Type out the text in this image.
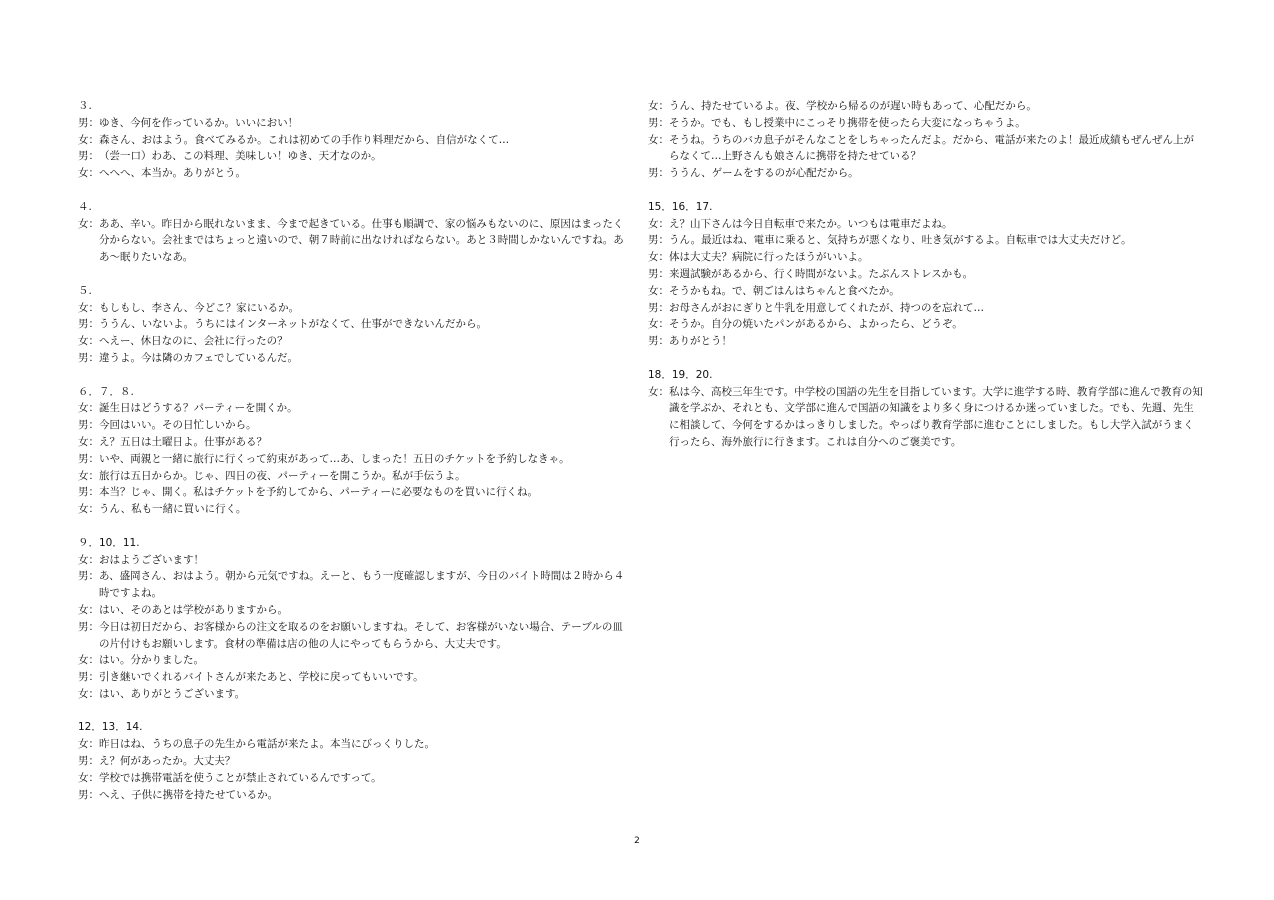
３.
男： ゆき、今何を作っているか。いいにおい！
女： 森さん、おはよう。食べてみるか。これは初めての手作り料理だから、自信がなくて…
男： （尝一口）わあ、この料理、美味しい！ゆき、天才なのか。
女： へへへ、本当か。ありがとう。
４.
女： ああ、辛い。昨日から眠れないまま、今まで起きている。仕事も順調で、家の悩みもないのに、原因はまったく分からない。会社まではちょっと遠いので、朝７時前に出なければならない。あと３時間しかないんですね。ああ～眠りたいなあ。
５.
女： もしもし、李さん、今どこ？家にいるか。
男： ううん、いないよ。うちにはインターネットがなくて、仕事ができないんだから。
女： へえー、休日なのに、会社に行ったの？
男： 違うよ。今は隣のカフェでしているんだ。
６．７．８.
女： 誕生日はどうする？パーティーを開くか。
男： 今回はいい。その日忙しいから。
女： え？五日は土曜日よ。仕事がある？
男： いや、両親と一緒に旅行に行くって約束があって…あ、しまった！五日のチケットを予約しなきゃ。
女： 旅行は五日からか。じゃ、四日の夜、パーティーを開こうか。私が手伝うよ。
男： 本当？じゃ、開く。私はチケットを予約してから、パーティーに必要なものを買いに行くね。
女： うん、私も一緒に買いに行く。
９．10．11.
女： おはようございます！
男： あ、盛岡さん、おはよう。朝から元気ですね。えーと、もう一度確認しますが、今日のバイト時間は２時から４時ですよね。
女： はい、そのあとは学校がありますから。
男： 今日は初日だから、お客様からの注文を取るのをお願いしますね。そして、お客様がいない場合、テーブルの皿の片付けもお願いします。食材の準備は店の他の人にやってもらうから、大丈夫です。
女： はい。分かりました。
男： 引き継いでくれるバイトさんが来たあと、学校に戻ってもいいです。
女： はい、ありがとうございます。
12．13．14.
女： 昨日はね、うちの息子の先生から電話が来たよ。本当にびっくりした。
男： え？何があったか。大丈夫？
女： 学校では携帯電話を使うことが禁止されているんですって。
男： へえ、子供に携帯を持たせているか。
女： うん、持たせているよ。夜、学校から帰るのが遅い時もあって、心配だから。
男： そうか。でも、もし授業中にこっそり携帯を使ったら大変になっちゃうよ。
女： そうね。うちのバカ息子がそんなことをしちゃったんだよ。だから、電話が来たのよ！最近成績もぜんぜん上がらなくて…上野さんも娘さんに携帯を持たせている？
男： ううん、ゲームをするのが心配だから。
15．16．17.
女： え？山下さんは今日自転車で来たか。いつもは電車だよね。
男： うん。最近はね、電車に乗ると、気持ちが悪くなり、吐き気がするよ。自転車では大丈夫だけど。
女： 体は大丈夫？病院に行ったほうがいいよ。
男： 来週試験があるから、行く時間がないよ。たぶんストレスかも。
女： そうかもね。で、朝ごはんはちゃんと食べたか。
男： お母さんがおにぎりと牛乳を用意してくれたが、持つのを忘れて…
女： そうか。自分の焼いたパンがあるから、よかったら、どうぞ。
男： ありがとう！
18．19．20.
女： 私は今、高校三年生です。中学校の国語の先生を目指しています。大学に進学する時、教育学部に進んで教育の知識を学ぶか、それとも、文学部に進んで国語の知識をより多く身につけるか迷っていました。でも、先週、先生に相談して、今何をするかはっきりしました。やっぱり教育学部に進むことにしました。もし大学入試がうまく行ったら、海外旅行に行きます。これは自分へのご褒美です。
2
